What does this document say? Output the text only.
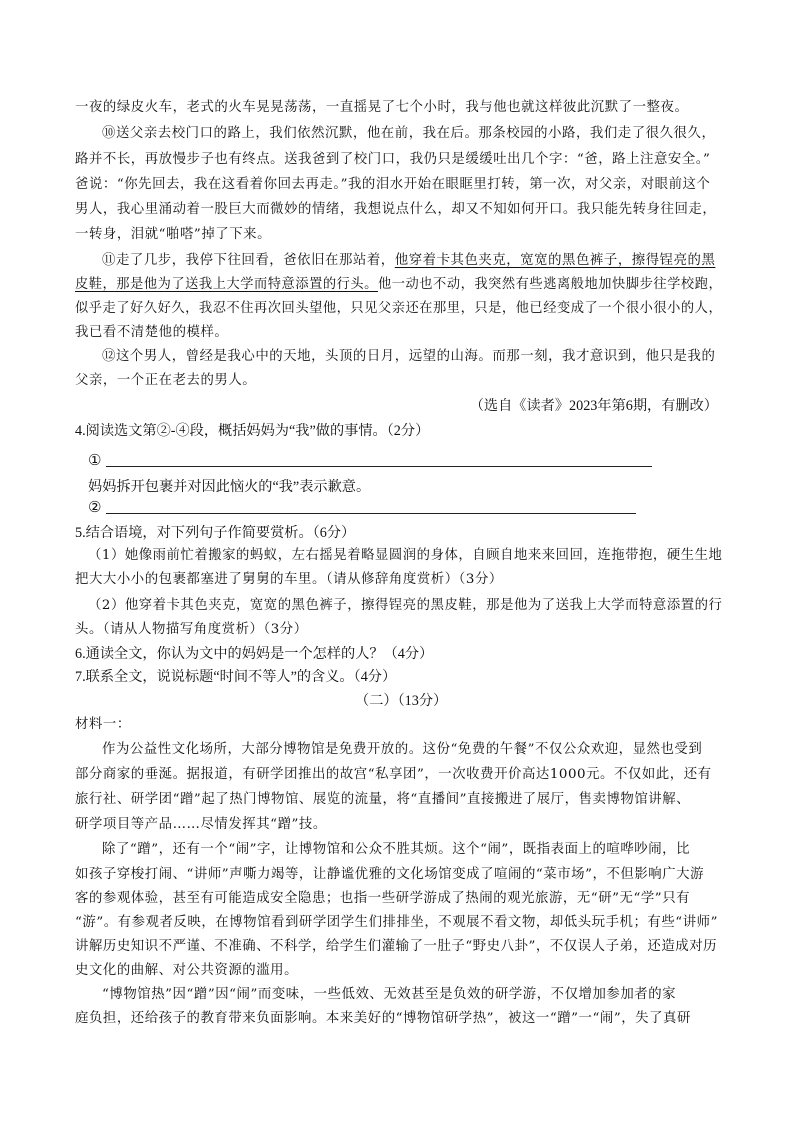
一夜的绿皮火车，老式的火车晃晃荡荡，一直摇晃了七个小时，我与他也就这样彼此沉默了一整夜。
⑩送父亲去校门口的路上，我们依然沉默，他在前，我在后。那条校园的小路，我们走了很久很久，
路并不长，再放慢步子也有终点。送我爸到了校门口，我仍只是缓缓吐出几个字：“爸，路上注意安全。”
爸说：“你先回去，我在这看着你回去再走。”我的泪水开始在眼眶里打转，第一次，对父亲，对眼前这个
男人，我心里涌动着一股巨大而微妙的情绪，我想说点什么，却又不知如何开口。我只能先转身往回走，
一转身，泪就“啪嗒”掉了下来。
⑪走了几步，我停下往回看，爸依旧在那站着，他穿着卡其色夹克，宽宽的黑色裤子，擦得锃亮的黑
皮鞋，那是他为了送我上大学而特意添置的行头。他一动也不动，我突然有些逃离般地加快脚步往学校跑，
似乎走了好久好久，我忍不住再次回头望他，只见父亲还在那里，只是，他已经变成了一个很小很小的人，
我已看不清楚他的模样。
⑫这个男人，曾经是我心中的天地，头顶的日月，远望的山海。而那一刻，我才意识到，他只是我的
父亲，一个正在老去的男人。
（选自《读者》2023年第6期，有删改）
4.阅读选文第②-④段，概括妈妈为“我”做的事情。（2分）
①
妈妈拆开包裹并对因此恼火的“我”表示歉意。
②
5.结合语境，对下列句子作简要赏析。（6分）
（1）她像雨前忙着搬家的蚂蚁，左右摇晃着略显圆润的身体，自顾自地来来回回，连拖带抱，硬生生地
把大大小小的包裹都塞进了舅舅的车里。（请从修辞角度赏析）（3分）
（2）他穿着卡其色夹克，宽宽的黑色裤子，擦得锃亮的黑皮鞋，那是他为了送我上大学而特意添置的行
头。（请从人物描写角度赏析）（3分）
6.通读全文，你认为文中的妈妈是一个怎样的人？（4分）
7.联系全文，说说标题“时间不等人”的含义。（4分）
（二）（13分）
材料一：
作为公益性文化场所，大部分博物馆是免费开放的。这份“免费的午餐”不仅公众欢迎，显然也受到
部分商家的垂涎。据报道，有研学团推出的故宫“私享团”，一次收费开价高达1000元。不仅如此，还有
旅行社、研学团“蹭”起了热门博物馆、展览的流量，将“直播间”直接搬进了展厅，售卖博物馆讲解、
研学项目等产品……尽情发挥其“蹭”技。
除了“蹭”，还有一个“闹”字，让博物馆和公众不胜其烦。这个“闹”，既指表面上的喧哗吵闹，比
如孩子穿梭打闹、“讲师”声嘶力竭等，让静谧优雅的文化场馆变成了喧闹的“菜市场”，不但影响广大游
客的参观体验，甚至有可能造成安全隐患；也指一些研学游成了热闹的观光旅游，无“研”无“学”只有
“游”。有参观者反映，在博物馆看到研学团学生们排排坐，不观展不看文物，却低头玩手机；有些“讲师”
讲解历史知识不严谨、不准确、不科学，给学生们灌输了一肚子“野史八卦”，不仅误人子弟，还造成对历
史文化的曲解、对公共资源的滥用。
“博物馆热”因“蹭”因“闹”而变味，一些低效、无效甚至是负效的研学游，不仅增加参加者的家
庭负担，还给孩子的教育带来负面影响。本来美好的“博物馆研学热”，被这一“蹭”一“闹”，失了真研
